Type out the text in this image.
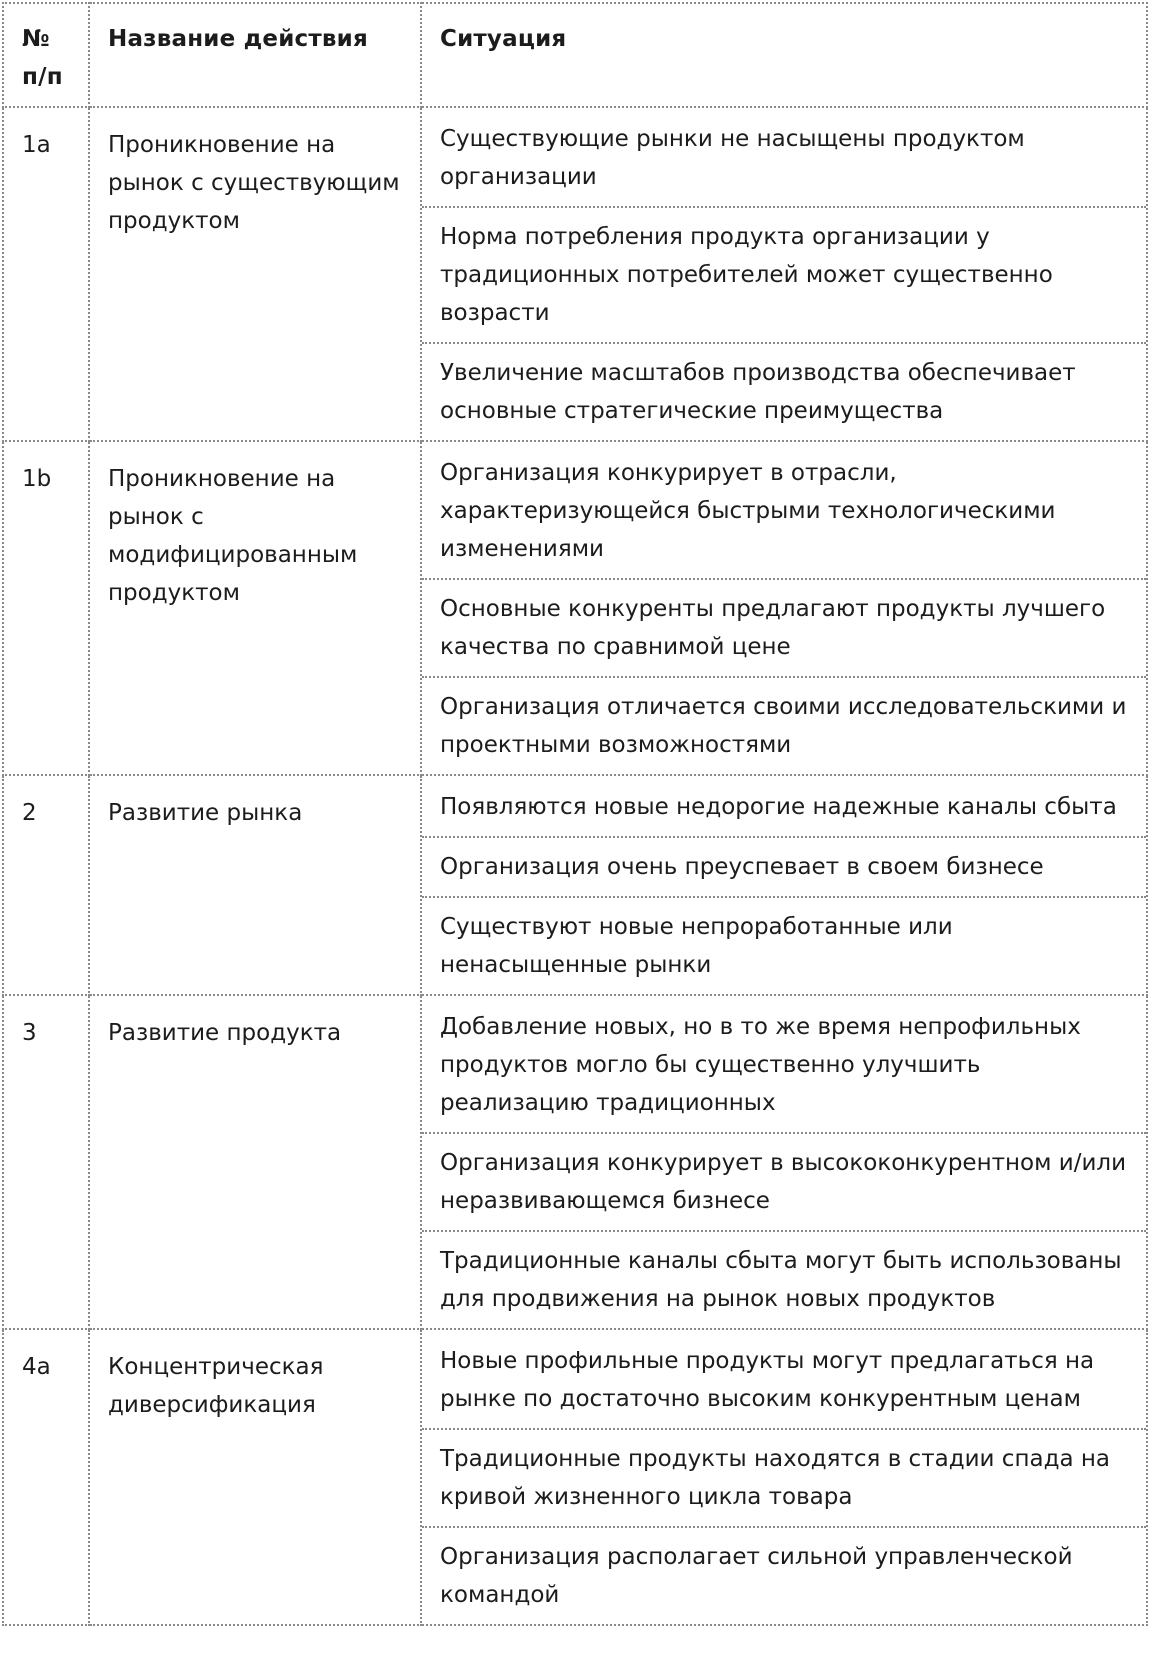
№
п/п	Название действия	Ситуация
1a	Проникновение на рынок с существующим продуктом	Существующие рынки не насыщены продуктом организации
Норма потребления продукта организации у традиционных потребителей может существенно возрасти
Увеличение масштабов производства обеспечивает основные стратегические преимущества

1b	Проникновение на рынок с модифицированным продуктом	Организация конкурирует в отрасли, характеризующейся быстрыми технологическими изменениями
Основные конкуренты предлагают продукты лучшего качества по сравнимой цене
Организация отличается своими исследовательскими и проектными возможностями

2	Развитие рынка	Появляются новые недорогие надежные каналы сбыта
Организация очень преуспевает в своем бизнесе
Существуют новые непроработанные или ненасыщенные рынки

3	Развитие продукта	Добавление новых, но в то же время непрофильных продуктов могло бы существенно улучшить реализацию традиционных
Организация конкурирует в высококонкурентном и/или неразвивающемся бизнесе
Традиционные каналы сбыта могут быть использованы для продвижения на рынок новых продуктов

4a	Концентрическая диверсификация	Новые профильные продукты могут предлагаться на рынке по достаточно высоким конкурентным ценам
Традиционные продукты находятся в стадии спада на кривой жизненного цикла товара
Организация располагает сильной управленческой командой
